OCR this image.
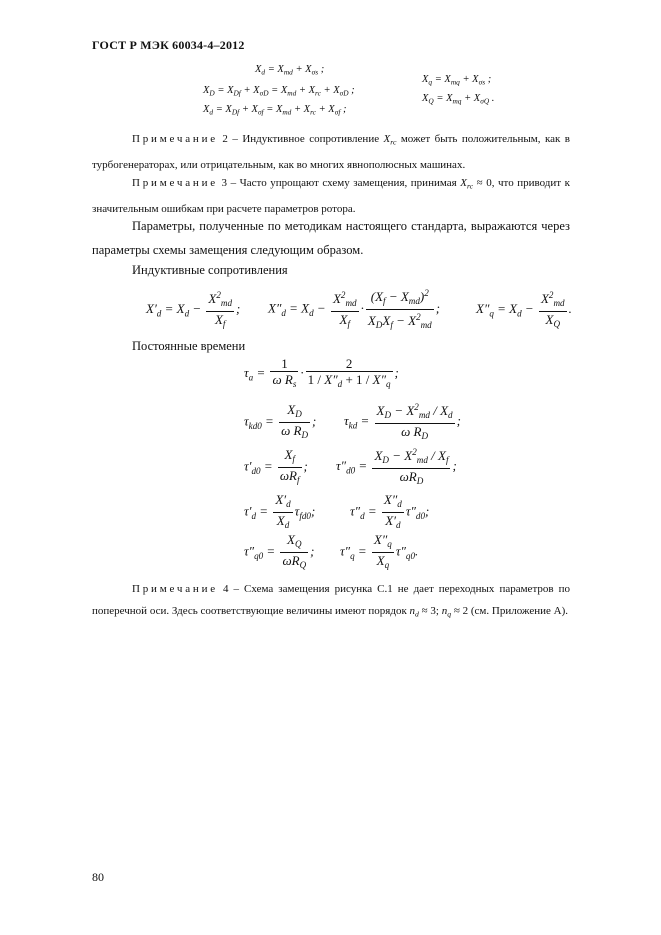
ГОСТ Р МЭК 60034-4–2012
$X_d = X_{md} + X_{\sigma s}$ ;
$X_D = X_{Df} + X_{\sigma D} = X_{md} + X_{rc} + X_{\sigma D}$ ;
$X_d = X_{Df} + X_{\sigma f} = X_{md} + X_{rc} + X_{\sigma f}$ ;
$X_q = X_{mq} + X_{\sigma s}$ ;
$X_Q = X_{mq} + X_{\sigma Q}$ .
Примечание 2 – Индуктивное сопротивление $X_{rc}$ может быть положительным, как в турбогенераторах, или отрицательным, как во многих явнополюсных машинах.
Примечание 3 – Часто упрощают схему замещения, принимая $X_{rc} \approx 0$, что приводит к значительным ошибкам при расчете параметров ротора.
Параметры, полученные по методикам настоящего стандарта, выражаются через параметры схемы замещения следующим образом.
Индуктивные сопротивления
$X'_d = X_d - \frac{X^2_{md}}{X_f}$ ; $X''_d = X_d - \frac{X^2_{md}}{X_f}$ ·
$(X_f - X_{md})^2$
$X_DX_f - X^2_{md}$
;	$X''_q = X_d - \frac{X^2_{md}}{X_Q}$ .
Постоянные времени
$\tau_a = \frac{1}{\omega R_s} \cdot \frac{2}{1 / X''_d + 1 / X''_q}$ ;
$\tau_{kd0} = \frac{X_D}{\omega R_D}$ ; $\tau_{kd} = \frac{X_D - X^2_{md} / X_d}{\omega R_D}$ ;
$\tau'_{d0}$ =
$X_f$
$\omega R_f$
; $\tau''_{d0}$ =
$X_D - X^2_{md} / X_f$
$\omega R_D$
;
$\tau'_d = \frac{X'_d}{X_d} \tau_{fd0}$;	$\tau''_d = \frac{X''_d}{X'_d} \tau''_{d0}$;
$\tau''_{q0}$ =
$X_Q$
$\omega R_Q$
; $\tau''_q = \frac{X''_q}{X_q} \tau''_{q0}$.
Примечание 4 – Схема замещения рисунка С.1 не дает переходных параметров по поперечной оси. Здесь соответствующие величины имеют порядок $n_d \approx 3$; $n_q \approx 2$ (см. Приложение А).
80
